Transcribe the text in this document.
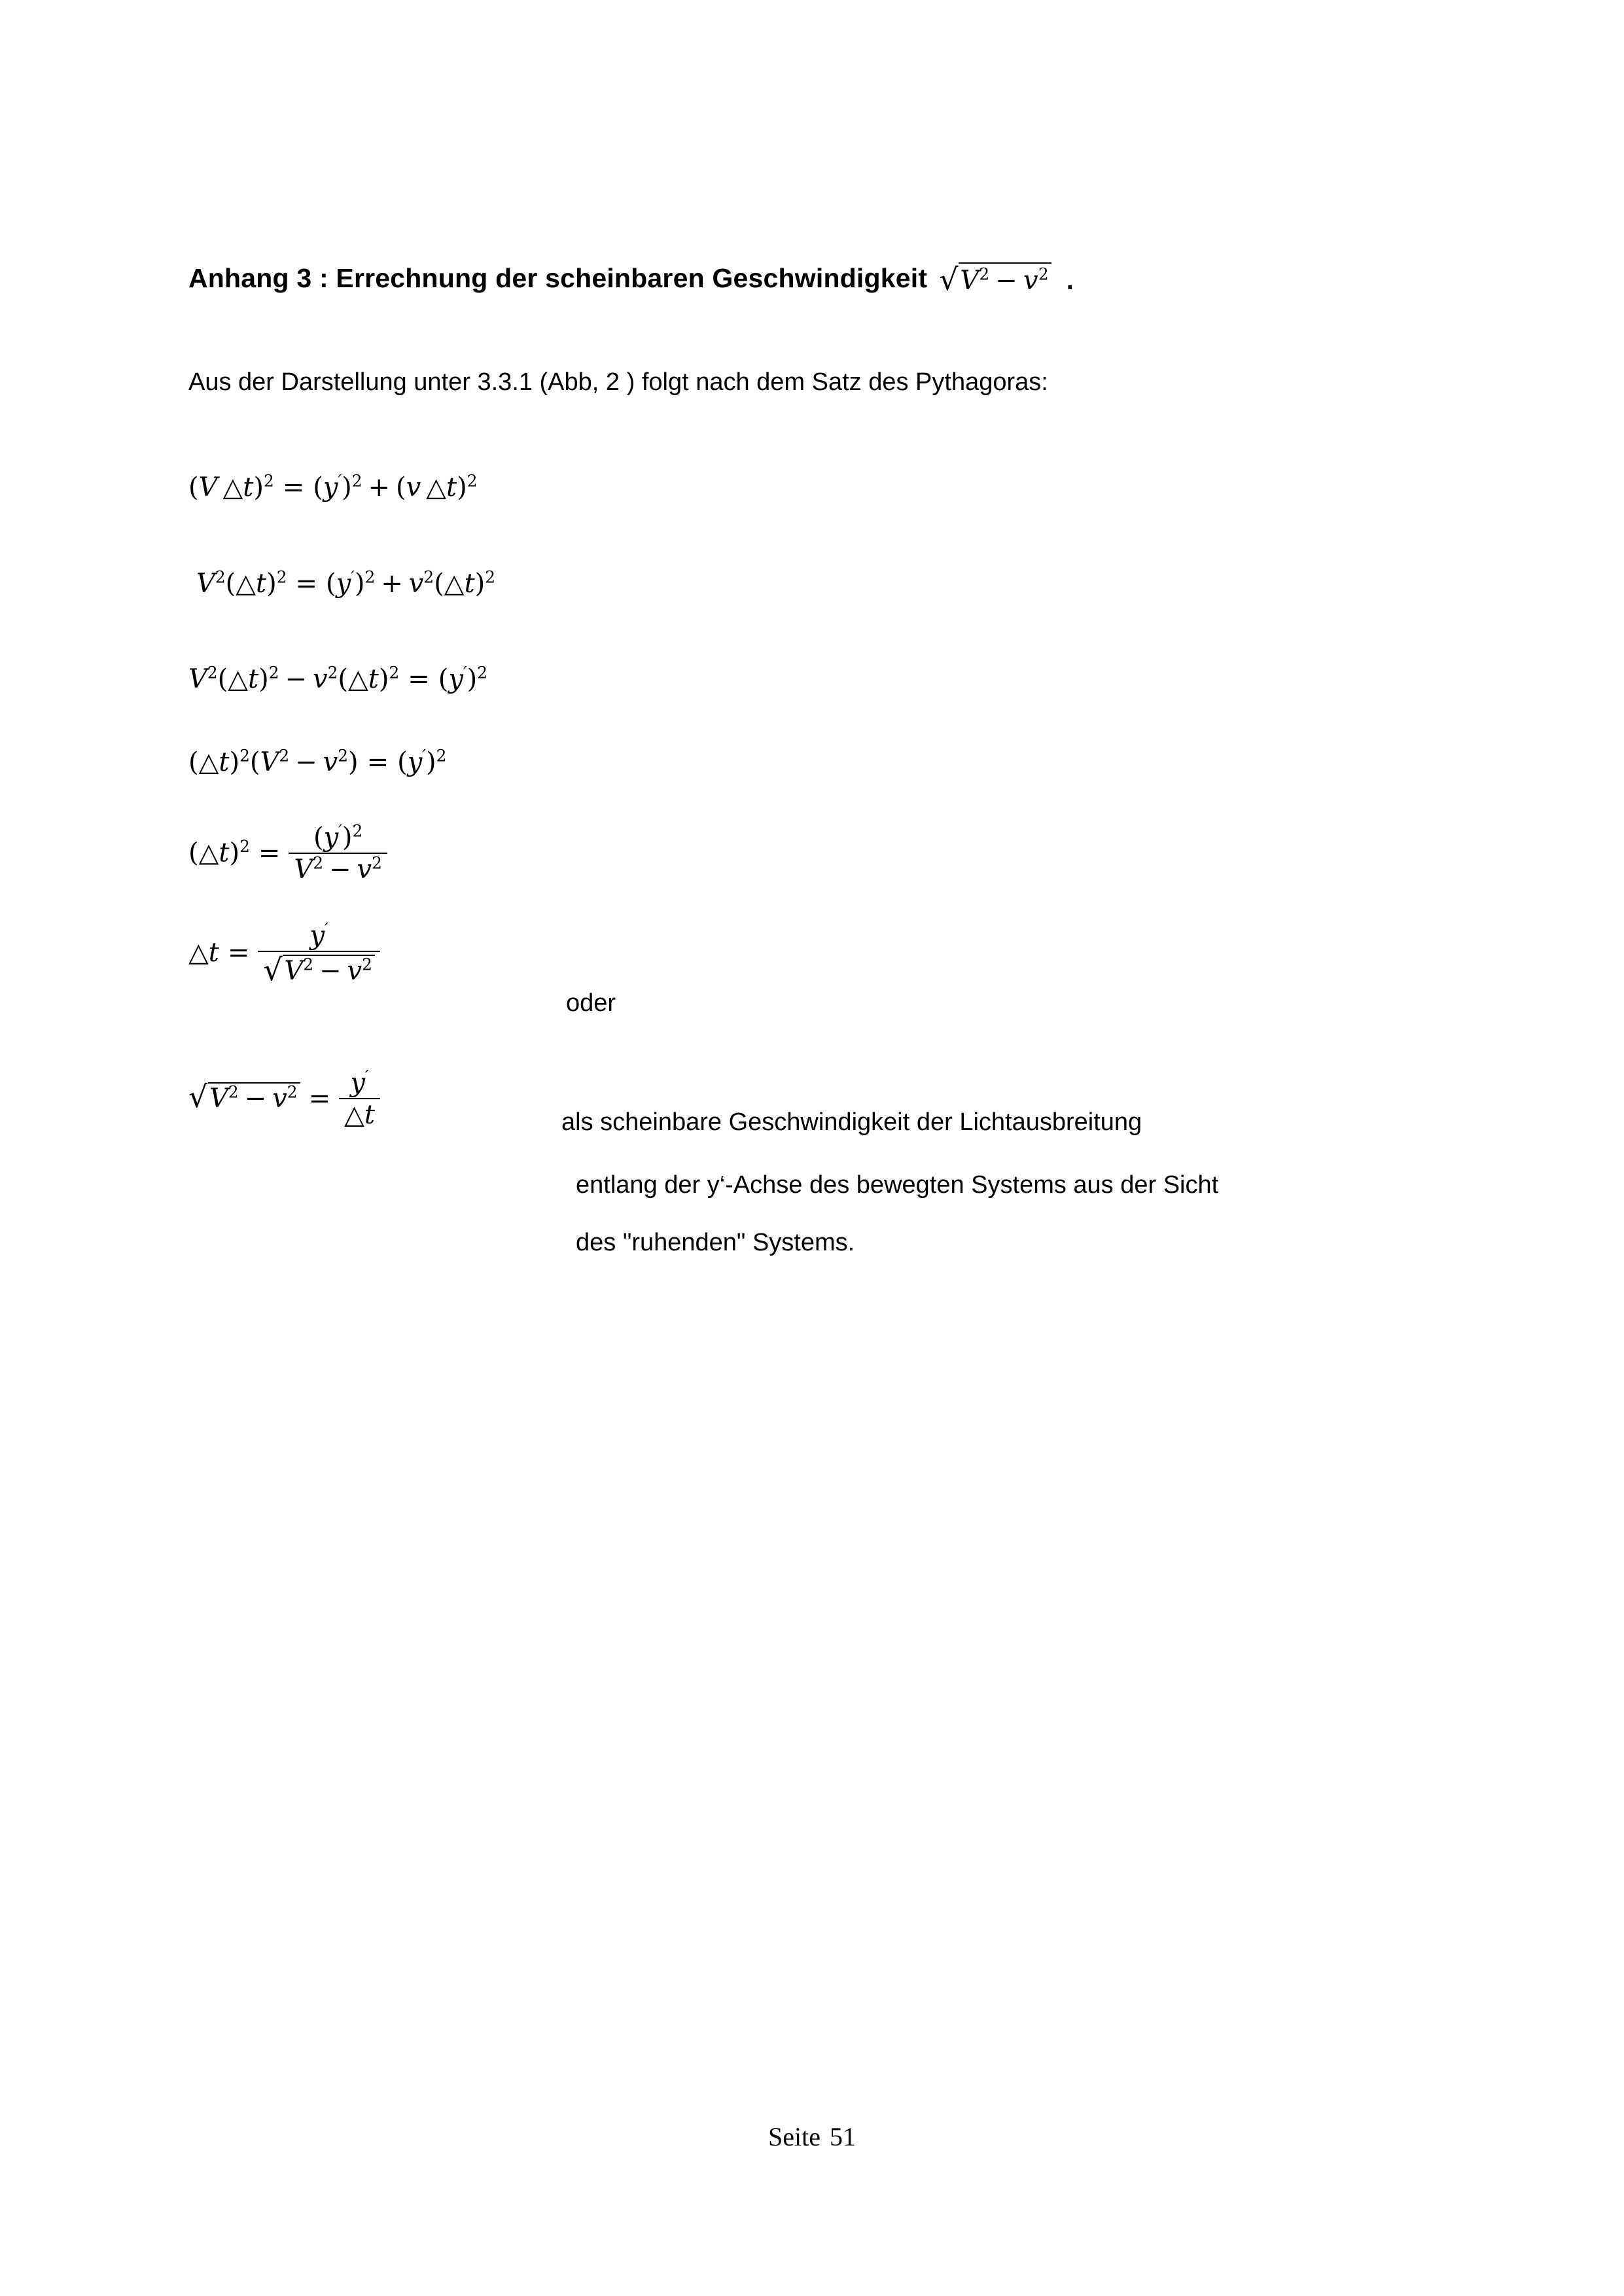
Anhang 3 : Errechnung der scheinbaren Geschwindigkeit √ $V^2 - v^2$ .
Aus der Darstellung unter 3.3.1 (Abb, 2 ) folgt nach dem Satz des Pythagoras:
(V  △t)$^2$ = $(y')^2 + (v$  △t)$^2$
$V^2(\triangle t)^2 = (y')^2$ + $v^2(\triangle t)^2$
$V^2(\triangle t)^2$ − $v^2(\triangle t)^2 = (y')^2$
$(\triangle t)^2(V^2 - v^2) = (y')^2$
(△t)$^2$ = $\frac{(y')^2}{V^2 - v^2}$
△t = $\frac{y'}{√ V^2 - v^2}$
√ $V^2 - v^2 = \frac{y'}{\triangle t}$
oder
als scheinbare Geschwindigkeit der Lichtausbreitung
entlang der y‘-Achse des bewegten Systems aus der Sicht
des "ruhenden" Systems.
Seite 51
